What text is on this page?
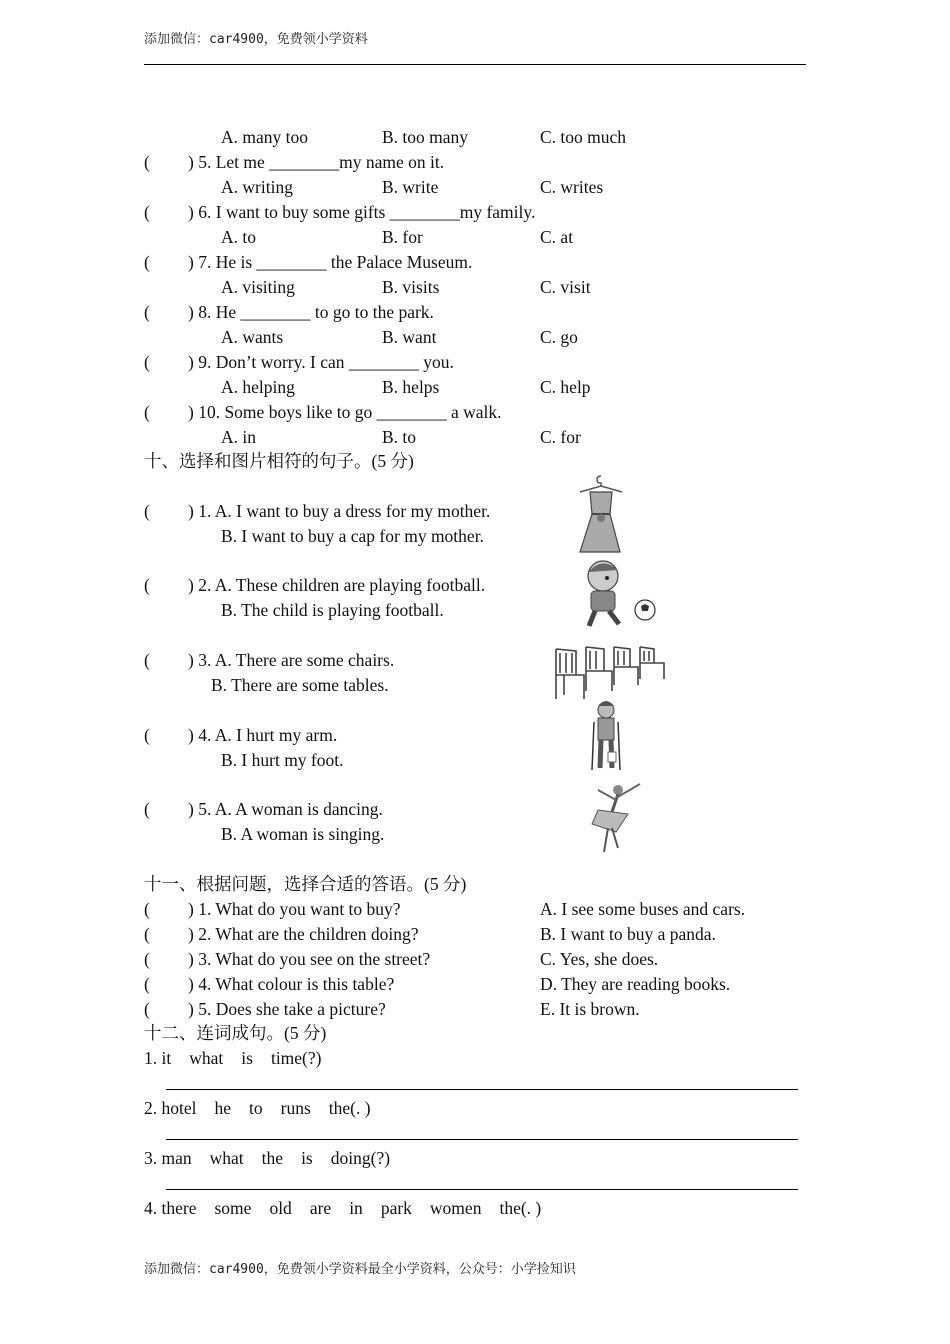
添加微信：car4900，免费领小学资料
A. many too	B. too many	C. too much
( ) 5. Let me ________my name on it.
A. writing	B. write	C. writes
( ) 6. I want to buy some gifts ________my family.
A. to	B. for	C. at
( ) 7. He is ________ the Palace Museum.
A. visiting	B. visits	C. visit
( ) 8. He ________ to go to the park.
A. wants	B. want	C. go
( ) 9. Don’t worry. I can ________ you.
A. helping	B. helps	C. help
( ) 10. Some boys like to go ________ a walk.
A. in	B. to	C. for
十、选择和图片相符的句子。(5 分)
( ) 1. A. I want to buy a dress for my mother.
B. I want to buy a cap for my mother.
( ) 2. A. These children are playing football.
B. The child is playing football.
( ) 3. A. There are some chairs.
B. There are some tables.
( ) 4. A. I hurt my arm.
B. I hurt my foot.
( ) 5. A. A woman is dancing.
B. A woman is singing.
十一、根据问题，选择合适的答语。(5 分)
( ) 1. What do you want to buy?	A. I see some buses and cars.
( ) 2. What are the children doing?	B. I want to buy a panda.
( ) 3. What do you see on the street?	C. Yes, she does.
( ) 4. What colour is this table?	D. They are reading books.
( ) 5. Does she take a picture?	E. It is brown.
十二、连词成句。(5 分)
1. it what is time(?)
2. hotel he to runs the(. )
3. man what the is doing(?)
4. there some old are in park women the(. )
添加微信：car4900，免费领小学资料最全小学资料，公众号：小学捡知识
